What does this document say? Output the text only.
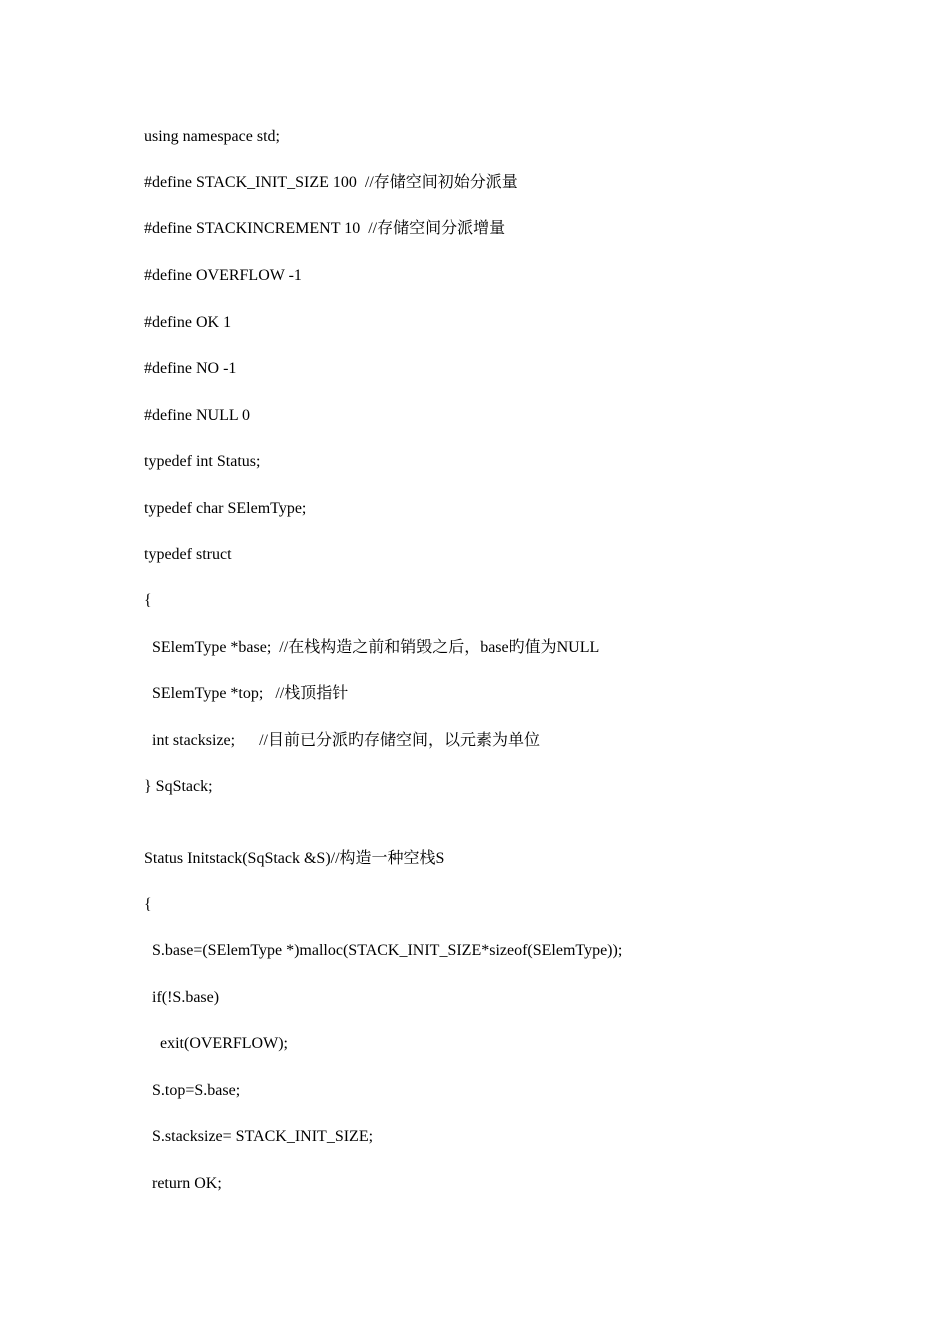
using namespace std;

#define STACK_INIT_SIZE 100  //存储空间初始分派量

#define STACKINCREMENT 10  //存储空间分派增量

#define OVERFLOW -1

#define OK 1

#define NO -1

#define NULL 0

typedef int Status;

typedef char SElemType;

typedef struct

{

SElemType *base;  //在栈构造之前和销毁之后，base旳值为NULL

SElemType *top;   //栈顶指针

int stacksize;      //目前已分派旳存储空间，以元素为单位

} SqStack;

Status Initstack(SqStack &S)//构造一种空栈S

{

S.base=(SElemType *)malloc(STACK_INIT_SIZE*sizeof(SElemType));

if(!S.base)

exit(OVERFLOW);

S.top=S.base;

S.stacksize= STACK_INIT_SIZE;

return OK;
